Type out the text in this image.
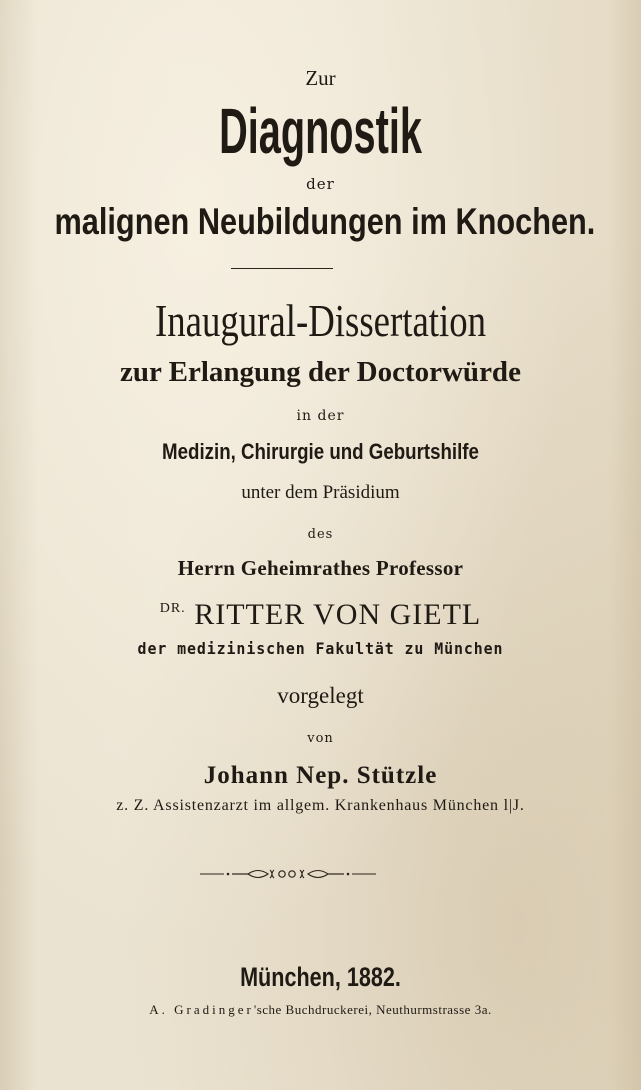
Zur
Diagnostik
der
malignen Neubildungen im Knochen.
Inaugural-Dissertation
zur Erlangung der Doctorwürde
in der
Medizin, Chirurgie und Geburtshilfe
unter dem Präsidium
des
Herrn Geheimrathes Professor
$^{DR.}$ RITTER VON GIETL
der medizinischen Fakultät zu München
vorgelegt
von
Johann Nep. Stützle
z. Z. Assistenzarzt im allgem. Krankenhaus München l|J.
München, 1882.
A. Gradinger'sche Buchdruckerei, Neuthurmstrasse 3a.
